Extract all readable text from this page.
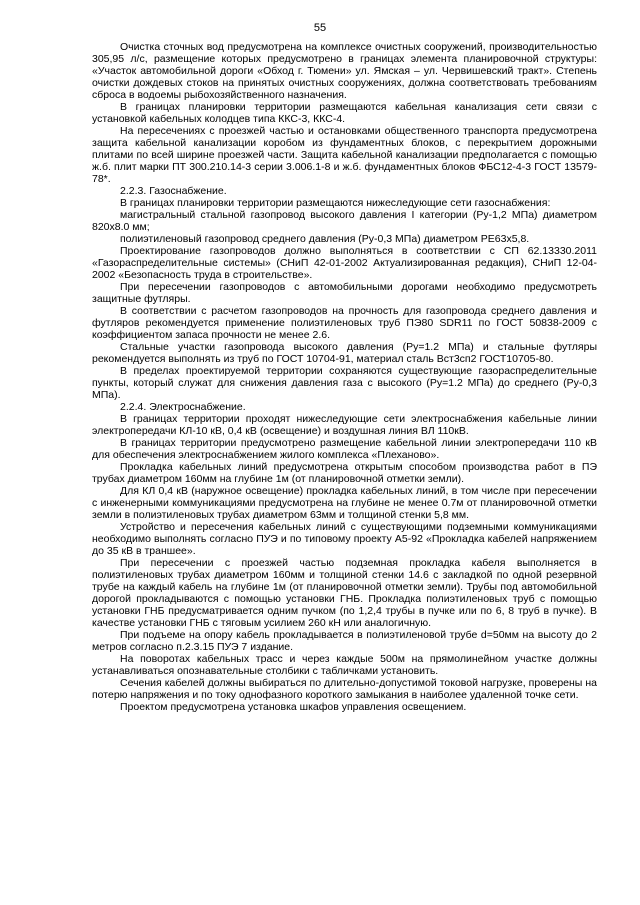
55

Очистка сточных вод предусмотрена на комплексе очистных сооружений, производительностью 305,95 л/с, размещение которых предусмотрено в границах элемента планировочной структуры: «Участок автомобильной дороги «Обход г. Тюмени» ул. Ямская – ул. Червишевский тракт». Степень очистки дождевых стоков на принятых очистных сооружениях, должна соответствовать требованиям сброса в водоемы рыбохозяйственного назначения.

В границах планировки территории размещаются кабельная канализация сети связи с установкой кабельных колодцев типа ККС-3, ККС-4.

На пересечениях с проезжей частью и остановками общественного транспорта предусмотрена защита кабельной канализации коробом из фундаментных блоков, с перекрытием дорожными плитами по всей ширине проезжей части. Защита кабельной канализации предполагается с помощью ж.б. плит марки ПТ 300.210.14-3 серии 3.006.1-8 и ж.б. фундаментных блоков ФБС12-4-3 ГОСТ 13579-78*.

2.2.3. Газоснабжение.

В границах планировки территории размещаются нижеследующие сети газоснабжения:

магистральный стальной газопровод высокого давления I категории (Ру-1,2 МПа) диаметром 820х8.0 мм;

полиэтиленовый газопровод среднего давления (Ру-0,3 МПа) диаметром PE63х5,8.

Проектирование газопроводов должно выполняться в соответствии с СП 62.13330.2011 «Газораспределительные системы» (СНиП 42-01-2002 Актуализированная редакция), СНиП 12-04-2002 «Безопасность труда в строительстве».

При пересечении газопроводов с автомобильными дорогами необходимо предусмотреть защитные футляры.

В соответствии с расчетом газопроводов на прочность для газопровода среднего давления и футляров рекомендуется применение полиэтиленовых труб ПЭ80 SDR11 по ГОСТ 50838-2009 с коэффициентом запаса прочности не менее 2.6.

Стальные участки газопровода высокого давления (Ру=1.2 МПа) и стальные футляры рекомендуется выполнять из труб по ГОСТ 10704-91, материал сталь Вст3сп2 ГОСТ10705-80.

В пределах проектируемой территории сохраняются существующие газораспределительные пункты, который служат для снижения давления газа с высокого (Ру=1.2 МПа) до среднего (Ру-0,3 МПа).

2.2.4. Электроснабжение.

В границах территории проходят нижеследующие сети электроснабжения кабельные линии электропередачи КЛ-10 кВ, 0,4 кВ (освещение) и воздушная линия ВЛ 110кВ.

В границах территории предусмотрено размещение кабельной линии электропередачи 110 кВ для обеспечения электроснабжением жилого комплекса «Плеханово».

Прокладка кабельных линий предусмотрена открытым способом производства работ в ПЭ трубах диаметром 160мм на глубине 1м (от планировочной отметки земли).

Для КЛ 0,4 кВ (наружное освещение) прокладка кабельных линий, в том числе при пересечении с инженерными коммуникациями предусмотрена на глубине не менее 0.7м от планировочной отметки земли в полиэтиленовых трубах диаметром 63мм и толщиной стенки 5,8 мм.

Устройство и пересечения кабельных линий с существующими подземными коммуникациями необходимо выполнять согласно ПУЭ и по типовому проекту А5-92 «Прокладка кабелей напряжением до 35 кВ в траншее».

При пересечении с проезжей частью подземная прокладка кабеля выполняется в полиэтиленовых трубах диаметром 160мм и толщиной стенки 14.6 с закладкой по одной резервной трубе на каждый кабель на глубине 1м (от планировочной отметки земли). Трубы под автомобильной дорогой прокладываются с помощью установки ГНБ. Прокладка полиэтиленовых труб с помощью установки ГНБ предусматривается одним пучком (по 1,2,4 трубы в пучке или по 6, 8 труб в пучке). В качестве установки ГНБ с тяговым усилием 260 кН или аналогичную.

При подъеме на опору кабель прокладывается в полиэтиленовой трубе d=50мм на высоту до 2 метров согласно п.2.3.15 ПУЭ 7 издание.

На поворотах кабельных трасс и через каждые 500м на прямолинейном участке должны устанавливаться опознавательные столбики с табличками установить.

Сечения кабелей должны выбираться по длительно-допустимой токовой нагрузке, проверены на потерю напряжения и по току однофазного короткого замыкания в наиболее удаленной точке сети.

Проектом предусмотрена установка шкафов управления освещением.
